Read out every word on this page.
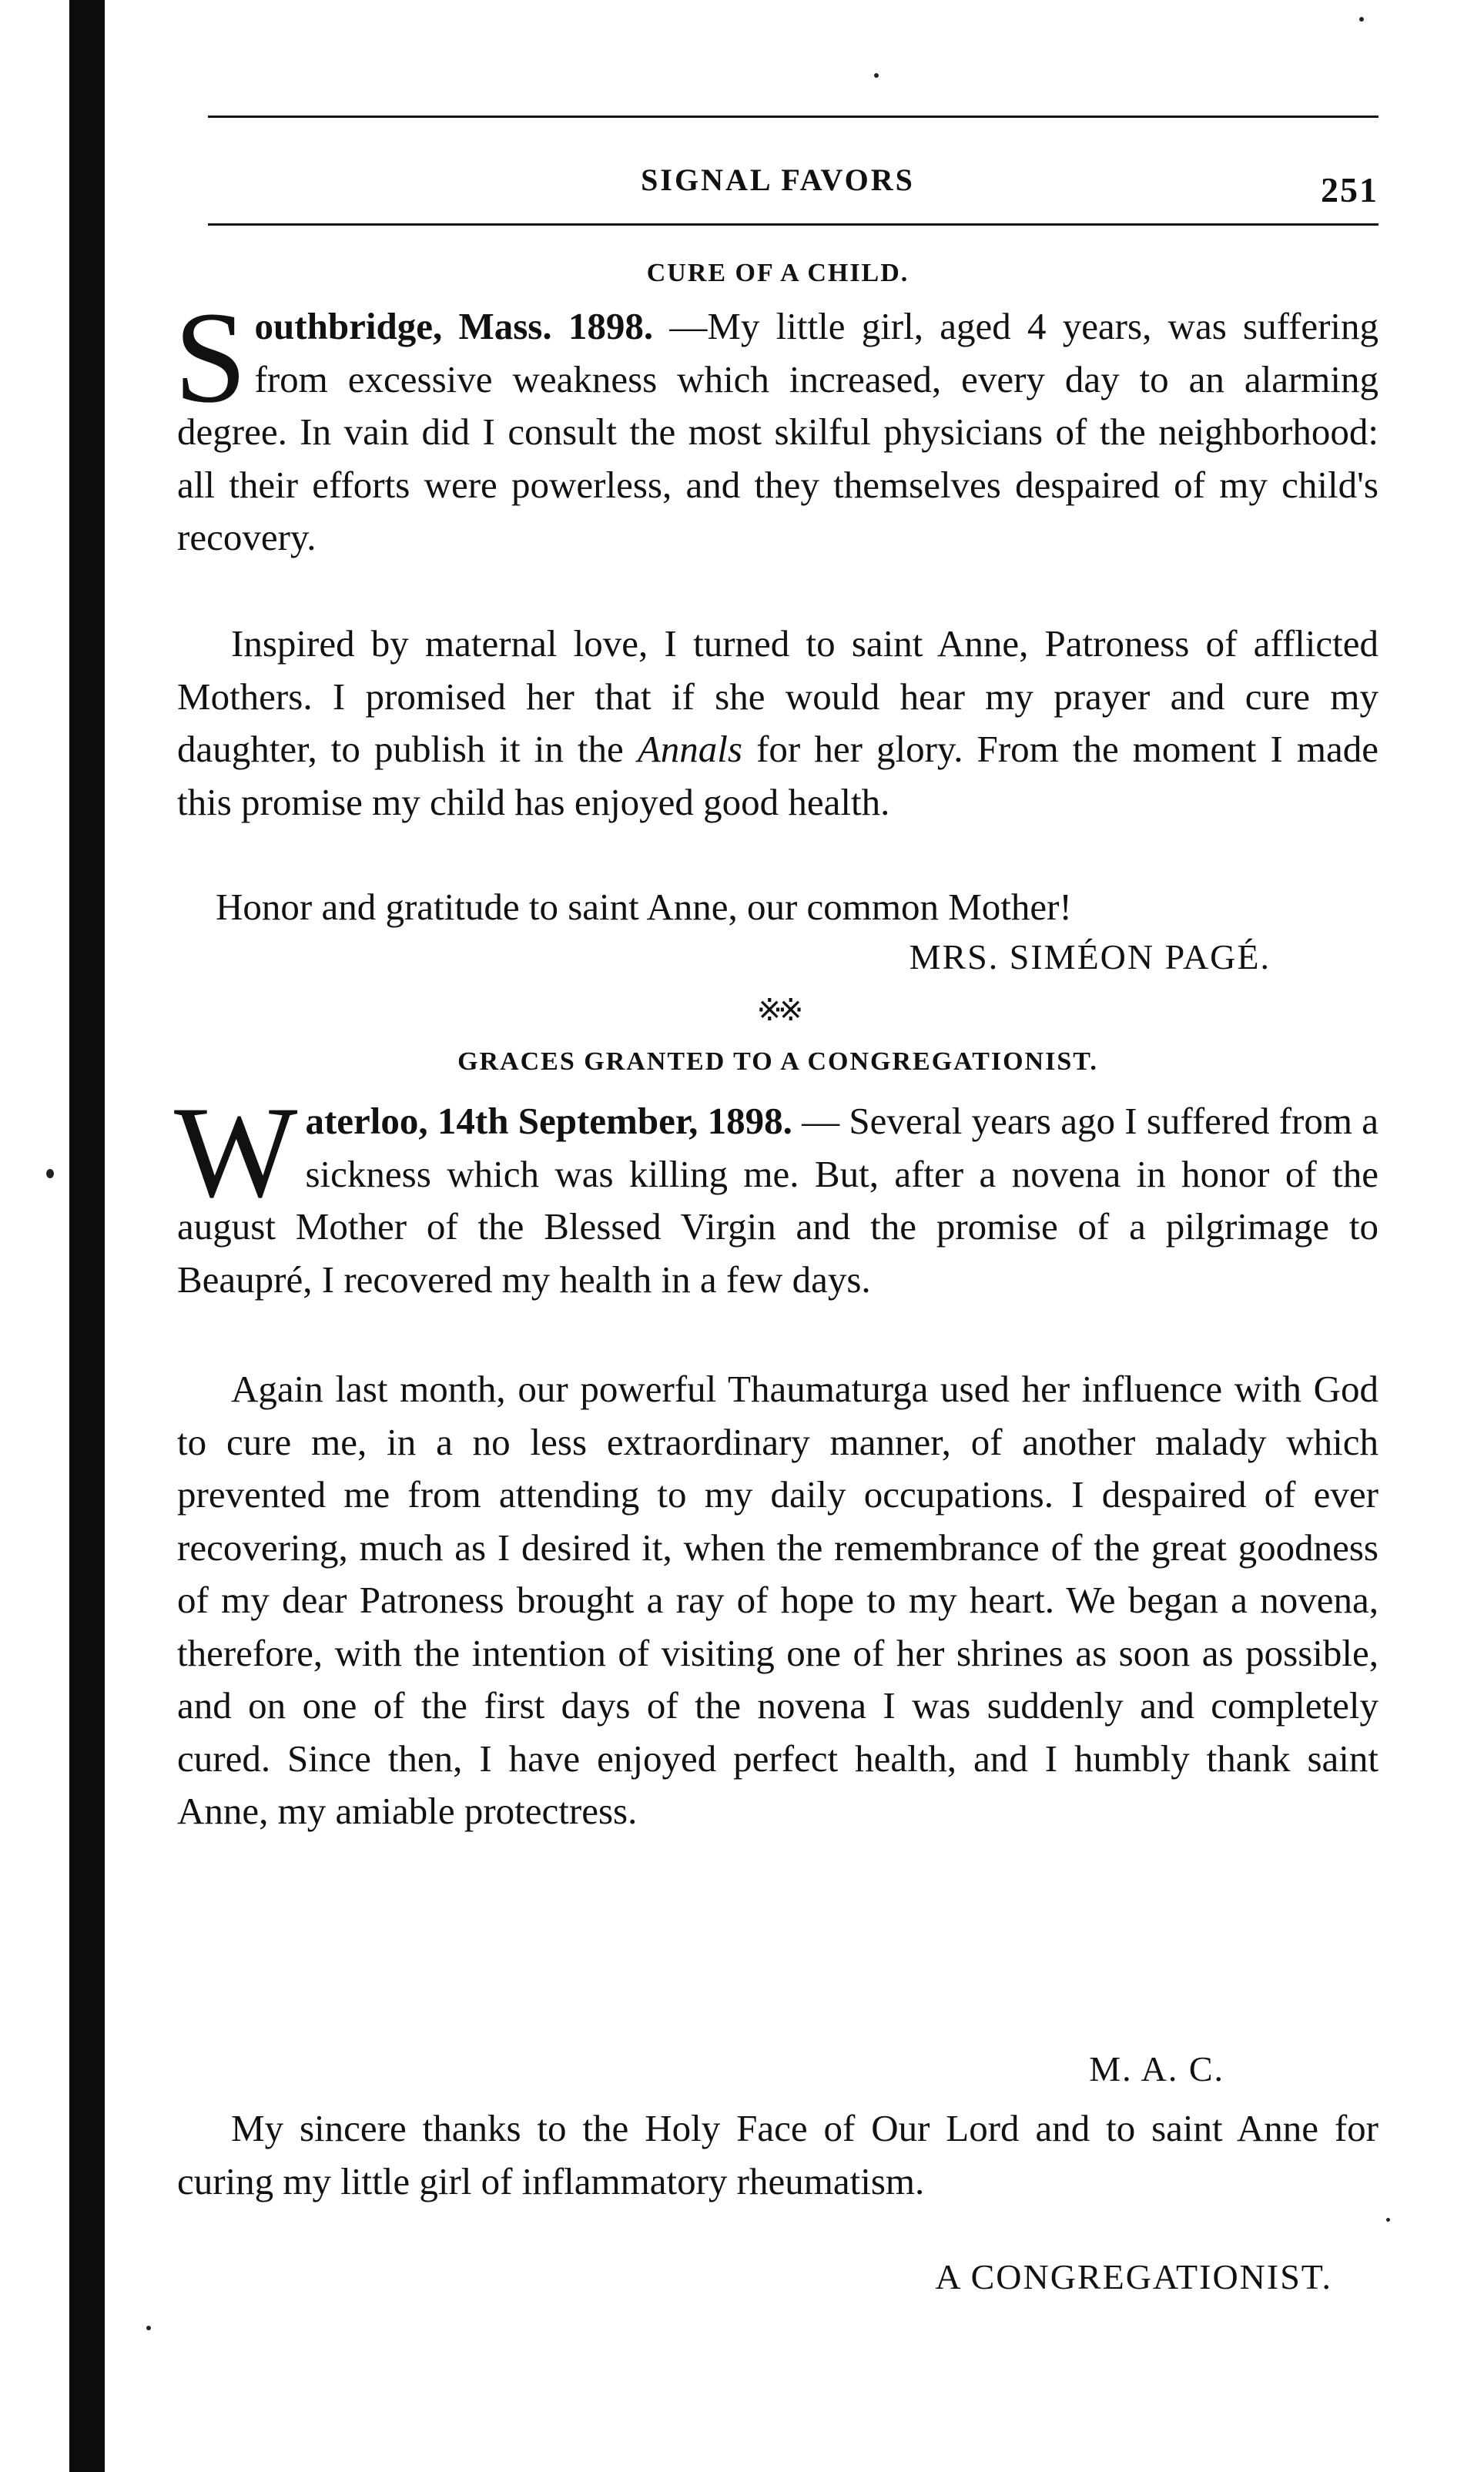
SIGNAL FAVORS	251
CURE OF A CHILD.

Southbridge, Mass. 1898. —My little girl, aged 4 years, was suffering from excessive weakness which increased, every day to an alarming degree. In vain did I consult the most skilful physicians of the neighborhood: all their efforts were powerless, and they themselves despaired of my child's recovery.

Inspired by maternal love, I turned to saint Anne, Patroness of afflicted Mothers. I promised her that if she would hear my prayer and cure my daughter, to publish it in the Annals for her glory. From the moment I made this promise my child has enjoyed good health.

Honor and gratitude to saint Anne, our common Mother!

MRS. SIMÉON PAGÉ.
※※
GRACES GRANTED TO A CONGREGATIONIST.

Waterloo, 14th September, 1898. — Several years ago I suffered from a sickness which was killing me. But, after a novena in honor of the august Mother of the Blessed Virgin and the promise of a pilgrimage to Beaupré, I recovered my health in a few days.

Again last month, our powerful Thaumaturga used her influence with God to cure me, in a no less extraordinary manner, of another malady which prevented me from attending to my daily occupations. I despaired of ever recovering, much as I desired it, when the remembrance of the great goodness of my dear Patroness brought a ray of hope to my heart. We began a novena, therefore, with the intention of visiting one of her shrines as soon as possible, and on one of the first days of the novena I was suddenly and completely cured. Since then, I have enjoyed perfect health, and I humbly thank saint Anne, my amiable protectress.

M. A. C.

My sincere thanks to the Holy Face of Our Lord and to saint Anne for curing my little girl of inflammatory rheumatism.

A CONGREGATIONIST.
